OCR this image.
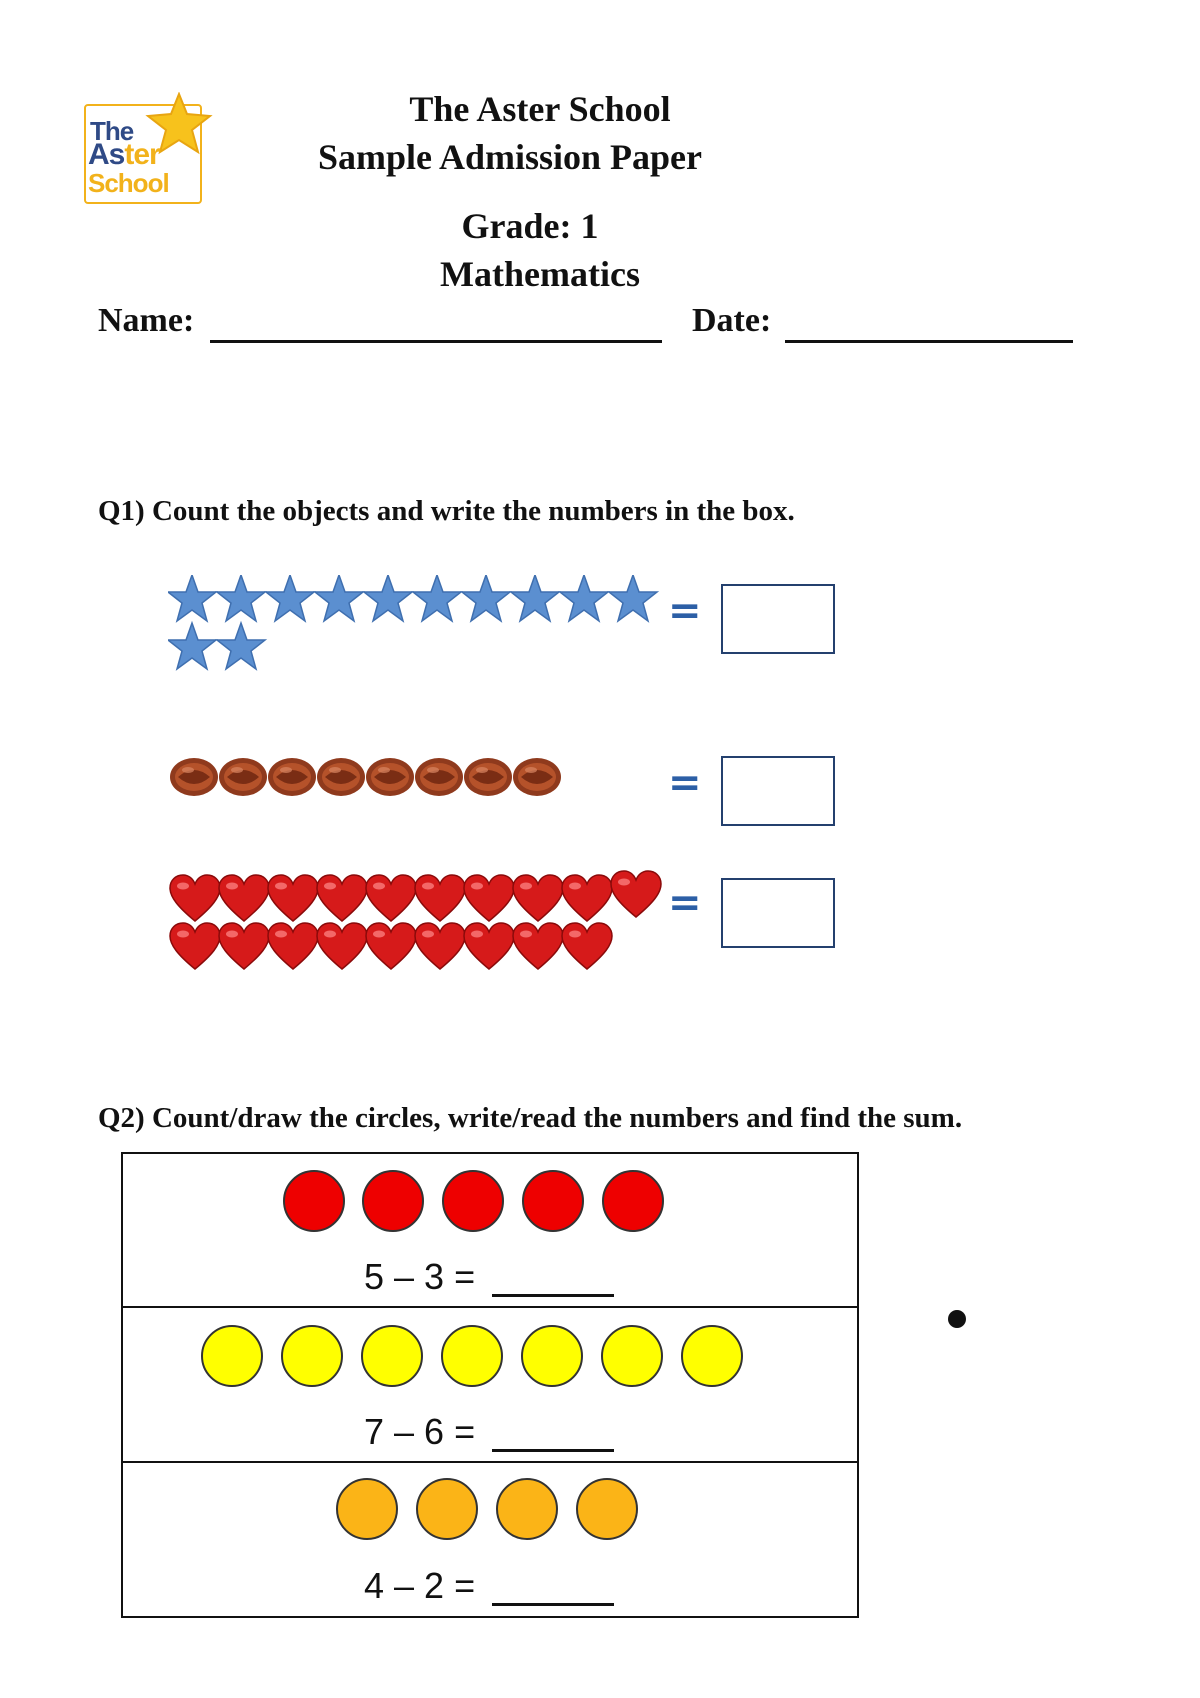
The
Aster
School
The Aster School
Sample Admission Paper
Grade: 1
Mathematics
Name:	Date:
Q1) Count the objects and write the numbers in the box.
=
=
=
Q2) Count/draw the circles, write/read the numbers and find the sum.
5 – 3 =
7 – 6 =
4 – 2 =
